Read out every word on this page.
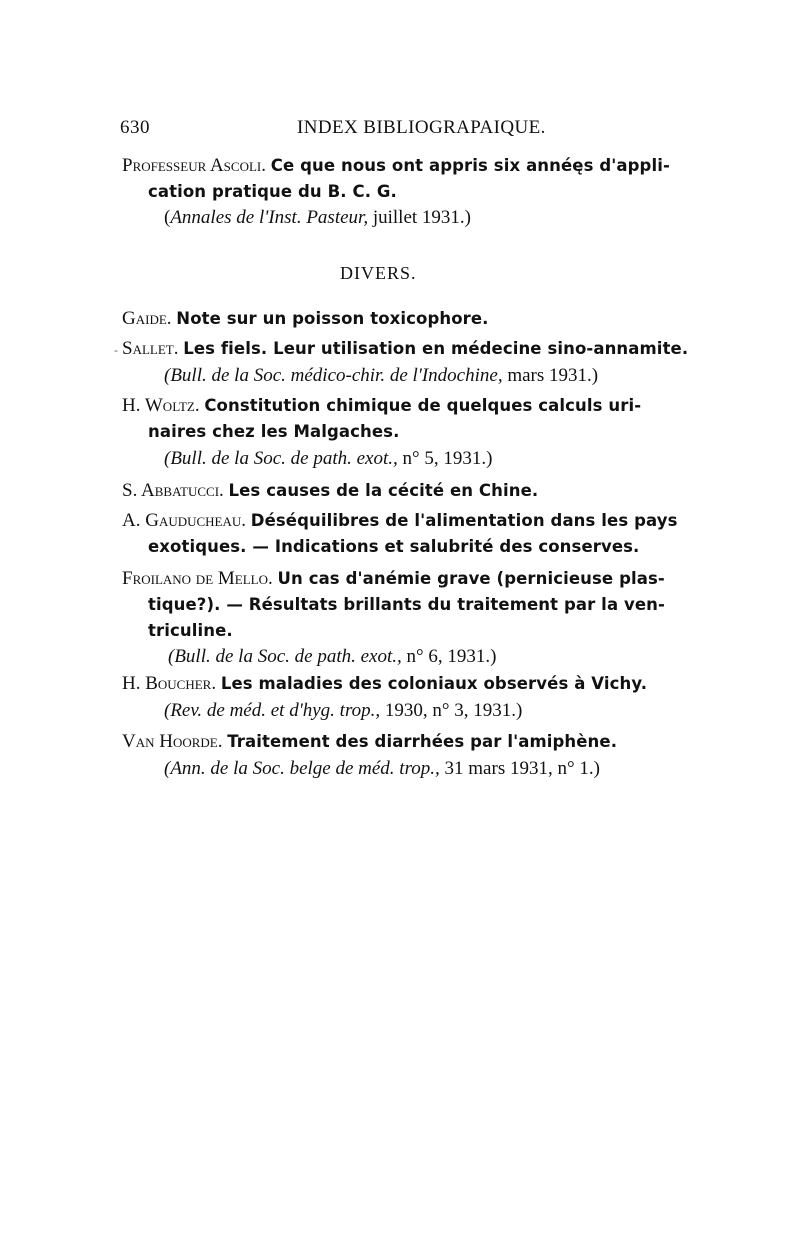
630	INDEX BIBLIOGRAPAIQUE.
Professeur Ascoli. Ce que nous ont appris six annéęs d'appli-
cation pratique du B. C. G.
(Annales de l'Inst. Pasteur, juillet 1931.)
DIVERS.
Gaide. Note sur un poisson toxicophore.
- Sallet. Les fiels. Leur utilisation en médecine sino-annamite.
(Bull. de la Soc. médico-chir. de l'Indochine, mars 1931.)
H. Woltz. Constitution chimique de quelques calculs uri-
naires chez les Malgaches.
(Bull. de la Soc. de path. exot., n° 5, 1931.)
S. Abbatucci. Les causes de la cécité en Chine.
A. Gauducheau. Déséquilibres de l'alimentation dans les pays
exotiques. — Indications et salubrité des conserves.
Froilano de Mello. Un cas d'anémie grave (pernicieuse plas-
tique?). — Résultats brillants du traitement par la ven-
triculine.
(Bull. de la Soc. de path. exot., n° 6, 1931.)
H. Boucher. Les maladies des coloniaux observés à Vichy.
(Rev. de méd. et d'hyg. trop., 1930, n° 3, 1931.)
Van Hoorde. Traitement des diarrhées par l'amiphène.
(Ann. de la Soc. belge de méd. trop., 31 mars 1931, n° 1.)
